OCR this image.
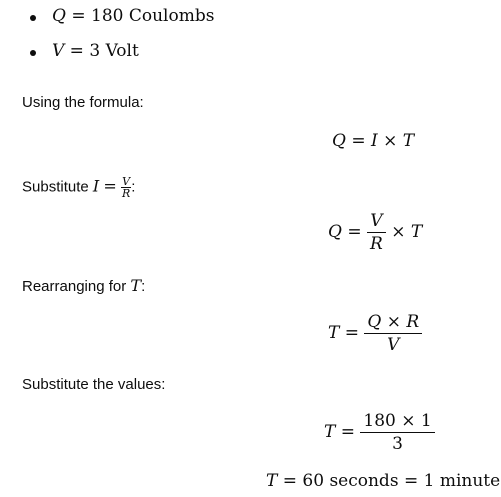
Q = 180 Coulombs
V = 3 Volt
Using the formula:
Q = I × T
Substitute $I = \frac{V}{R}$ :
$Q = \frac{V}{R} \times T$
Rearranging for T:
$T = \frac{Q \times R}{V}$
Substitute the values:
$T = \frac{180 \times 1}{3}$
T = 60 seconds = 1 minute
